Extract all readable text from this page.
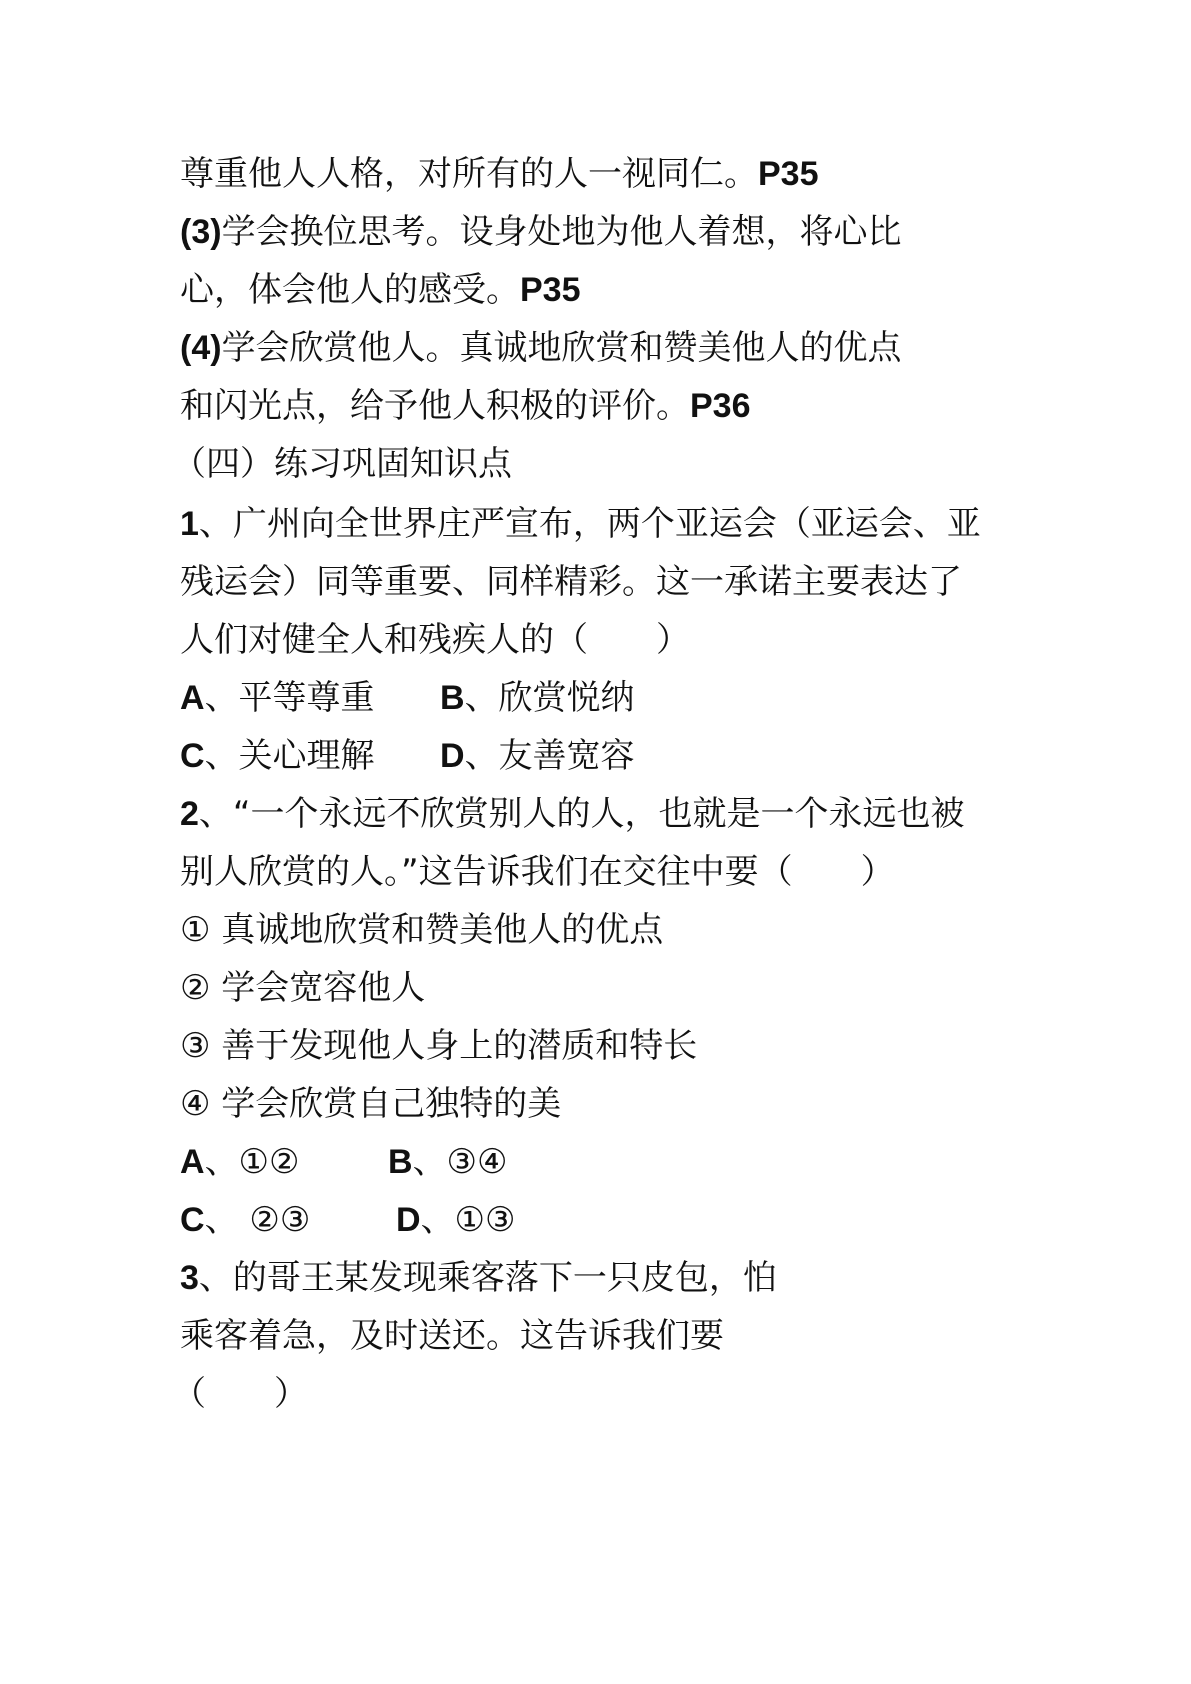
尊重他人人格，对所有的人一视同仁。P35
(3)学会换位思考。设身处地为他人着想，将心比
心，体会他人的感受。P35
(4)学会欣赏他人。真诚地欣赏和赞美他人的优点
和闪光点，给予他人积极的评价。P36
（四）练习巩固知识点
1、广州向全世界庄严宣布，两个亚运会（亚运会、亚
残运会）同等重要、同样精彩。这一承诺主要表达了
人们对健全人和残疾人的（　　）
A、平等尊重 B、欣赏悦纳
C、关心理解 D、友善宽容
2、“一个永远不欣赏别人的人，也就是一个永远也被
别人欣赏的人。”这告诉我们在交往中要（　　）
① 真诚地欣赏和赞美他人的优点
② 学会宽容他人
③ 善于发现他人身上的潜质和特长
④ 学会欣赏自己独特的美
A、①②	B、③④
C、 ②③	D、①③
3、的哥王某发现乘客落下一只皮包，怕
乘客着急，及时送还。这告诉我们要
（　　）
